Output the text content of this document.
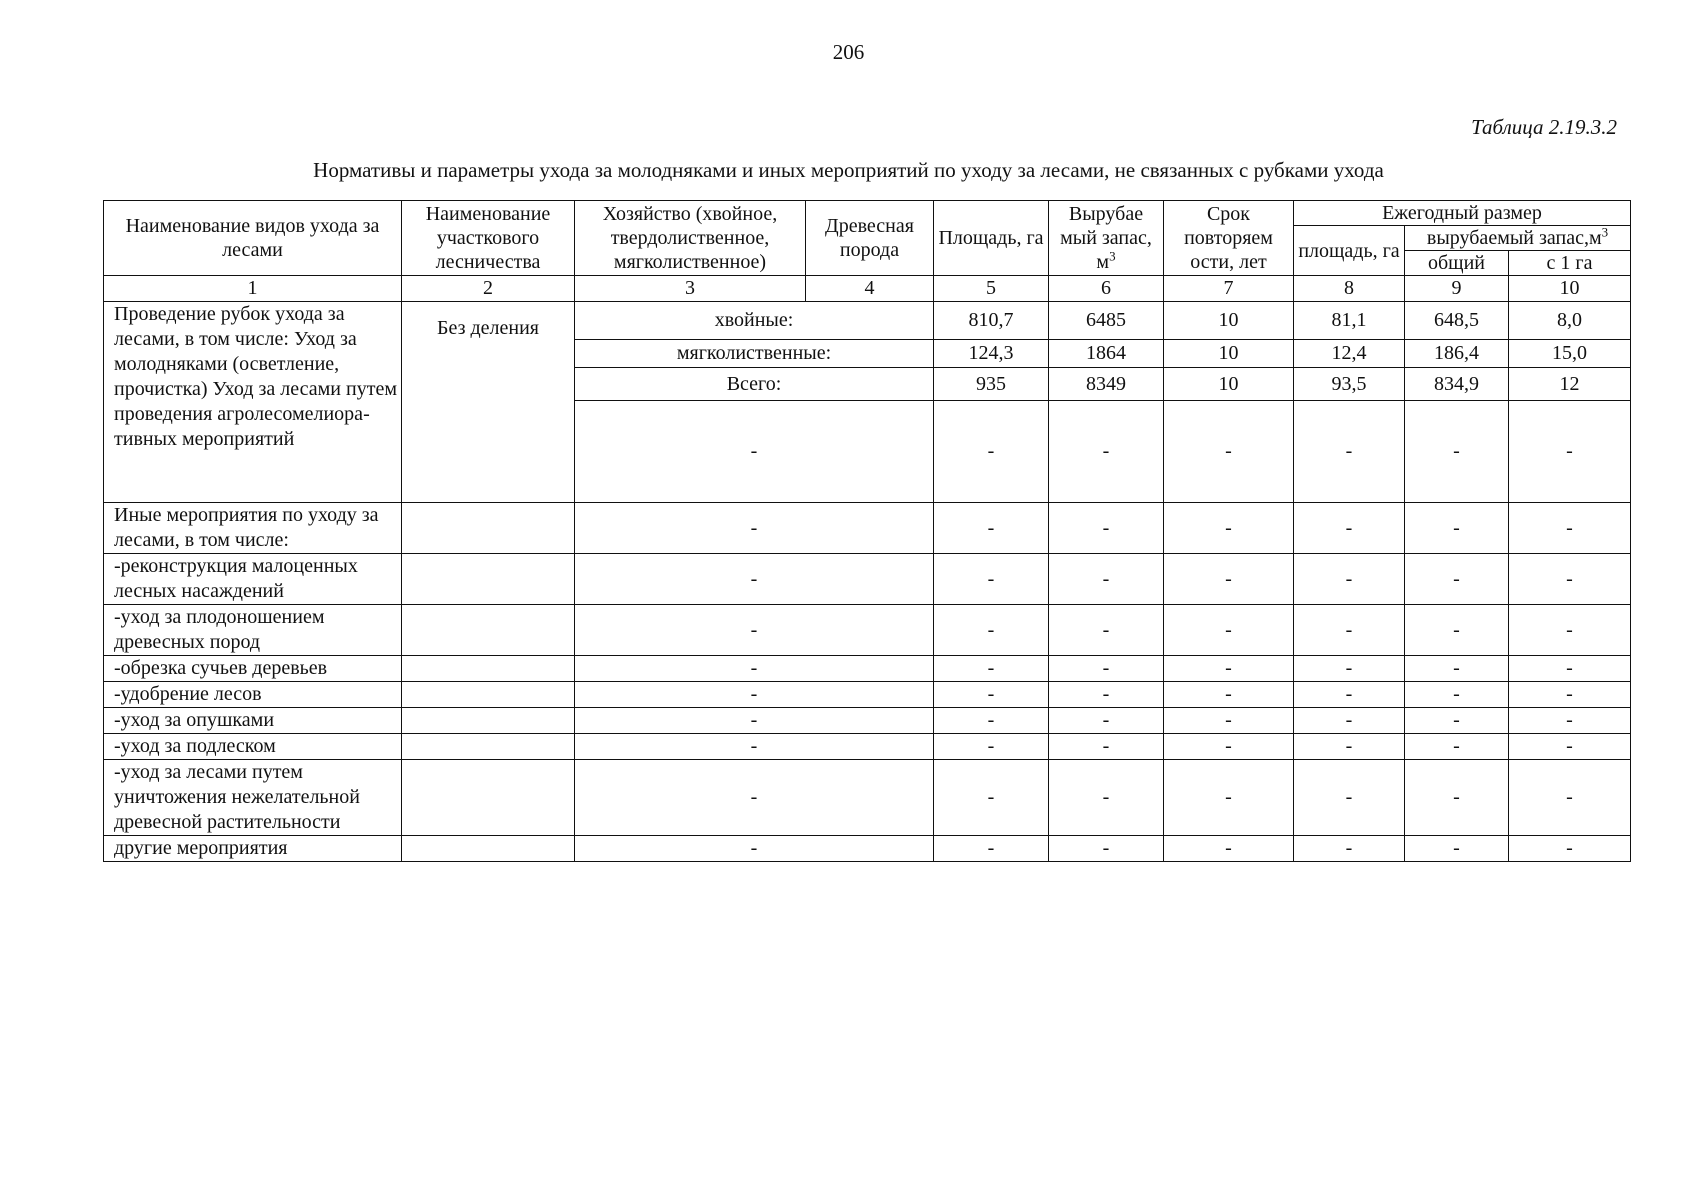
206
Таблица 2.19.3.2
Нормативы и параметры ухода за молодняками и иных мероприятий по уходу за лесами, не связанных с рубками ухода
Наименование видов ухода за лесами	Наименование участкового лесничества	Хозяйство (хвойное, твердолиственное, мягколиственное)	Древесная порода	Площадь, га	Вырубае мый запас, $м^3$	Срок повторяем ости, лет	Ежегодный размер		
							площадь, га	вырубаемый $запас,м^3$
								общий	с 1 га
1	2	3	4	5	6	7	8	9	10
Проведение рубок ухода за лесами, в том числе: Уход за молодняками (осветление, прочистка) Уход за лесами путем проведения агролесомелиора-тивных мероприятий	Без деления	хвойные:		810,7	6485	10	81,1	648,5	8,0
		мягколиственные:		124,3	1864	10	12,4	186,4	15,0
		Всего:		935	8349	10	93,5	834,9	12
		-		-	-	-	-	-	-
Иные мероприятия по уходу за лесами, в том числе:		-		-	-	-	-	-	-
-реконструкция малоценных лесных насаждений		-		-	-	-	-	-	-
-уход за плодоношением древесных пород		-		-	-	-	-	-	-
-обрезка сучьев деревьев		-		-	-	-	-	-	-
-удобрение лесов		-		-	-	-	-	-	-
-уход за опушками		-		-	-	-	-	-	-
-уход за подлеском		-		-	-	-	-	-	-
-уход за лесами путем уничтожения нежелательной древесной растительности		-		-	-	-	-	-	-
другие мероприятия		-		-	-	-	-	-	-
